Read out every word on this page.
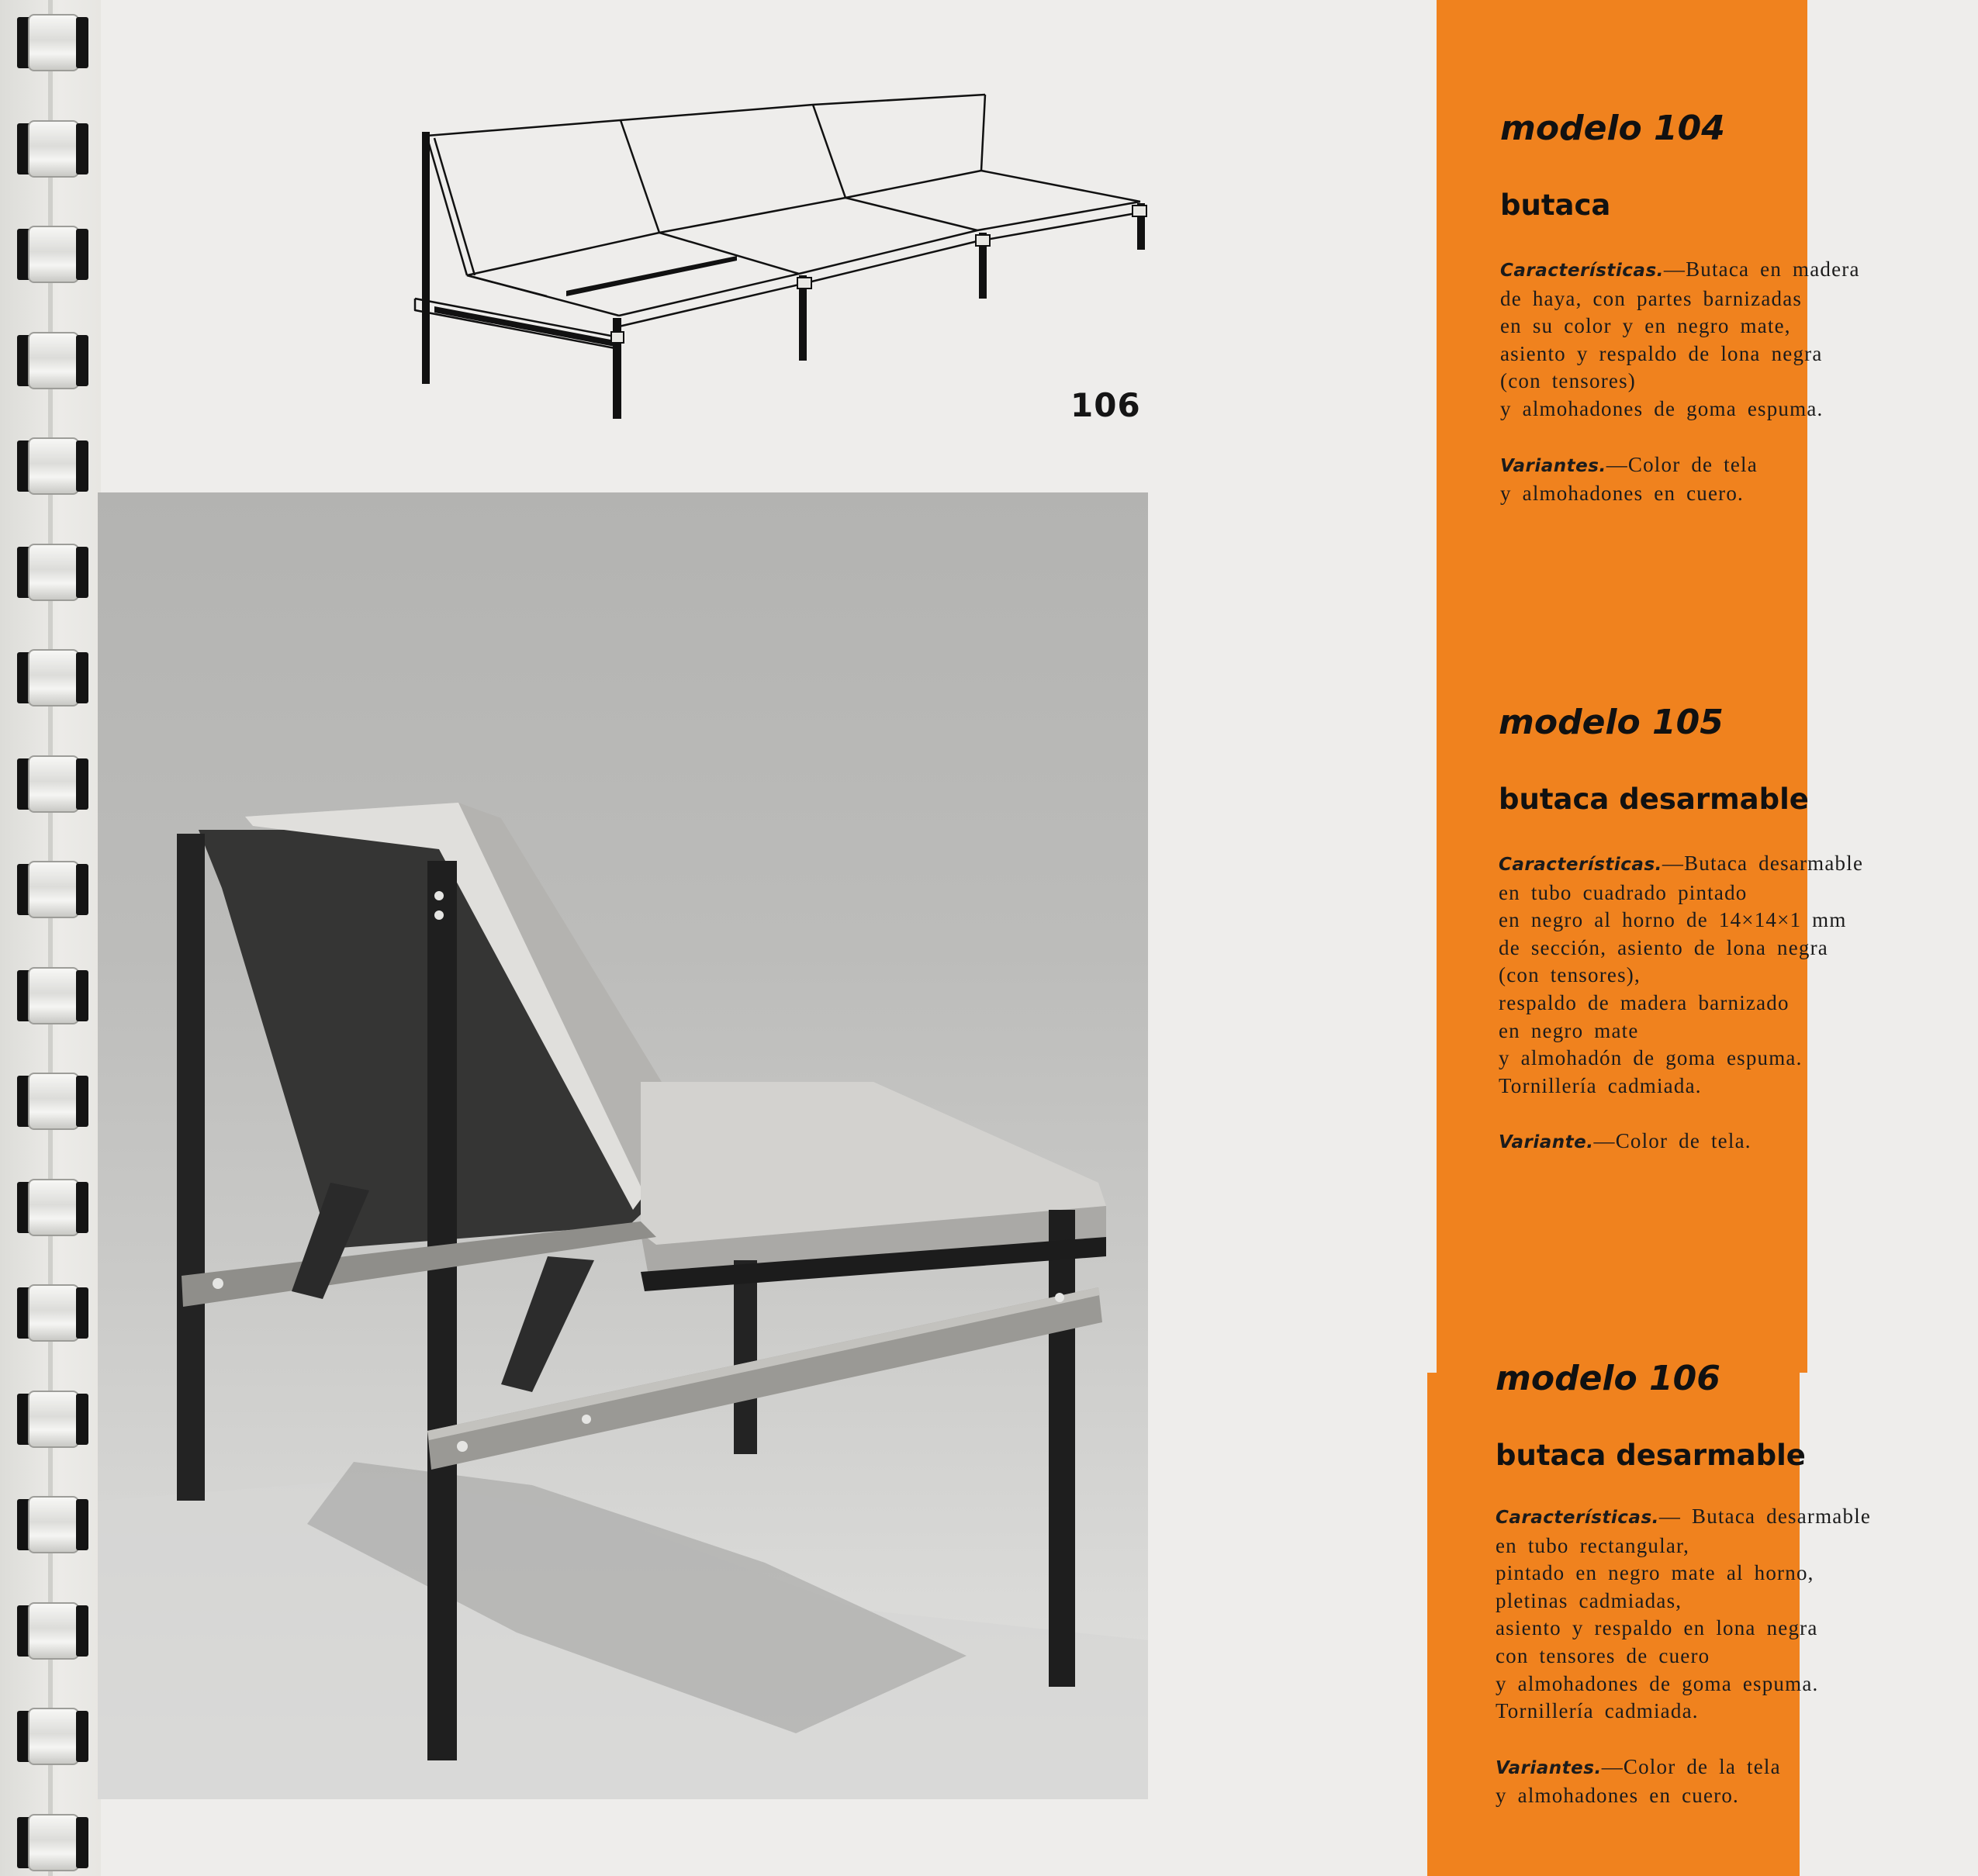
106

modelo 104

butaca

Características.—Butaca en madera
de haya, con partes barnizadas
en su color y en negro mate,
asiento y respaldo de lona negra
(con tensores)
y almohadones de goma espuma.
Variantes.—Color de tela
y almohadones en cuero.

modelo 105

butaca desarmable

Características.—Butaca desarmable
en tubo cuadrado pintado
en negro al horno de 14×14×1 mm
de sección, asiento de lona negra
(con tensores),
respaldo de madera barnizado
en negro mate
y almohadón de goma espuma.
Tornillería cadmiada.
Variante.—Color de tela.

modelo 106

butaca desarmable

Características.— Butaca desarmable
en tubo rectangular,
pintado en negro mate al horno,
pletinas cadmiadas,
asiento y respaldo en lona negra
con tensores de cuero
y almohadones de goma espuma.
Tornillería cadmiada.
Variantes.—Color de la tela
y almohadones en cuero.
